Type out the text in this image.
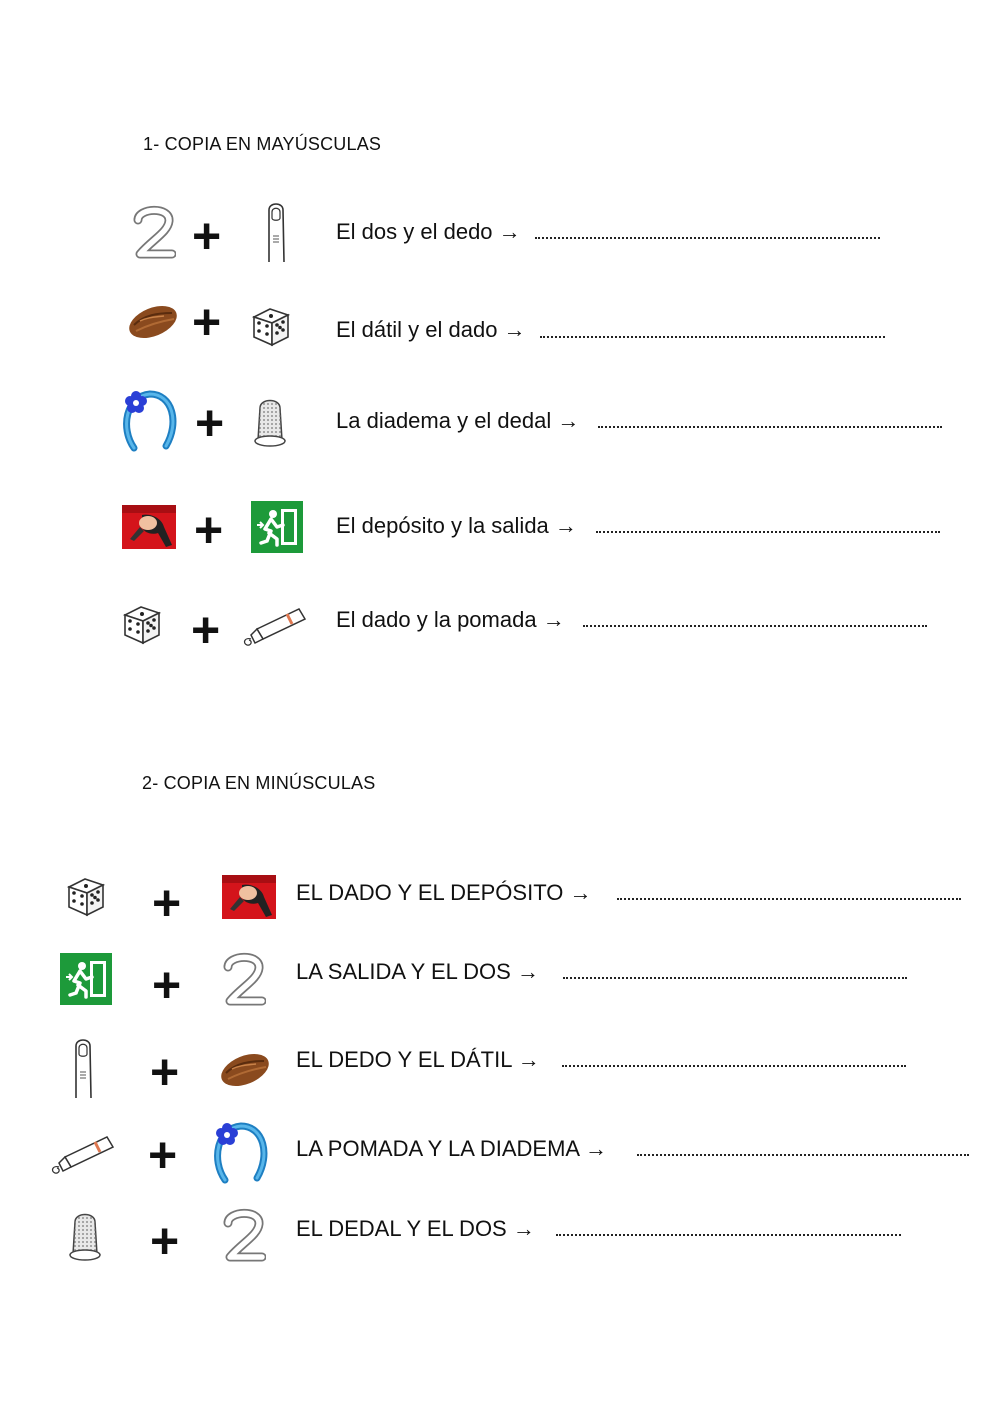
1- COPIA EN MAYÚSCULAS
+	El dos y el dedo →
+	El dátil y el dado →
+	La diadema y el dedal →
+	El depósito y la salida →
+	El dado y la pomada →
2- COPIA EN MINÚSCULAS
+	EL DADO Y EL DEPÓSITO →
+	LA SALIDA Y EL DOS →
+	EL DEDO Y EL DÁTIL →
+	LA POMADA Y LA DIADEMA →
+	EL DEDAL Y EL DOS →
